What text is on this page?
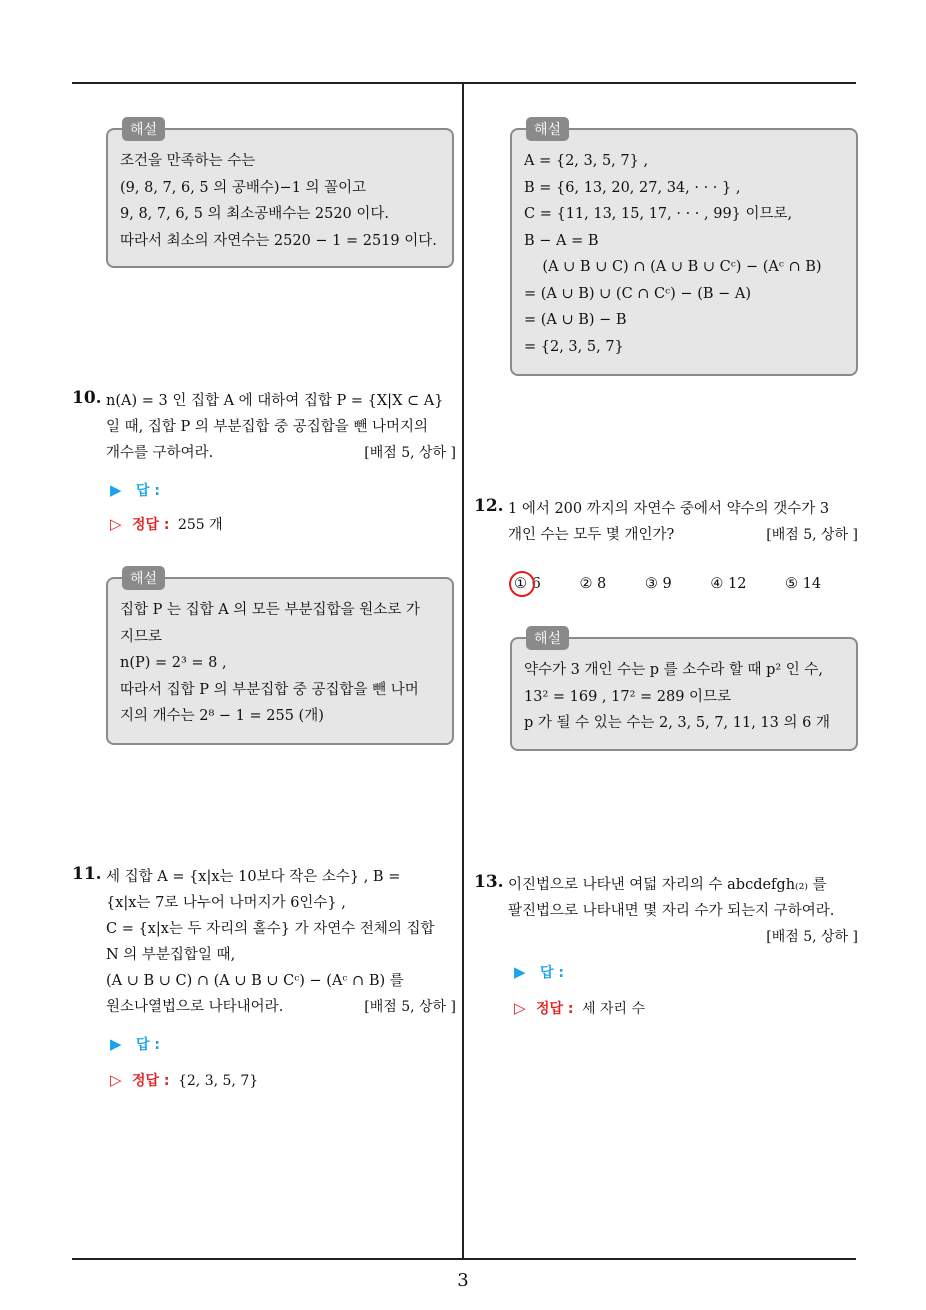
해설
조건을 만족하는 수는
(9, 8, 7, 6, 5 의 공배수)−1 의 꼴이고
9, 8, 7, 6, 5 의 최소공배수는 2520 이다.
따라서 최소의 자연수는 2520 − 1 = 2519 이다.
10. n(A) = 3 인 집합 A 에 대하여 집합 P = {X|X ⊂ A}
일 때, 집합 P 의 부분집합 중 공집합을 뺀 나머지의
개수를 구하여라.	[배점 5, 상하 ]
▶ 답 :
▷ 정답 : 255 개
해설
집합 P 는 집합 A 의 모든 부분집합을 원소로 가
지므로
n(P) = 2³ = 8 ,
따라서 집합 P 의 부분집합 중 공집합을 뺀 나머
지의 개수는 2⁸ − 1 = 255 (개)
11. 세 집합 A = {x|x는 10보다 작은 소수} , B =
{x|x는 7로 나누어 나머지가 6인수} ,
C = {x|x는 두 자리의 홀수} 가 자연수 전체의 집합
N 의 부분집합일 때,
(A ∪ B ∪ C) ∩ (A ∪ B ∪ Cᶜ) − (Aᶜ ∩ B) 를
원소나열법으로 나타내어라.	[배점 5, 상하 ]
▶ 답 :
▷ 정답 : {2, 3, 5, 7}
해설
A = {2, 3, 5, 7} ,
B = {6, 13, 20, 27, 34, · · · } ,
C = {11, 13, 15, 17, · · · , 99} 이므로,
B − A = B
(A ∪ B ∪ C) ∩ (A ∪ B ∪ Cᶜ) − (Aᶜ ∩ B)
= (A ∪ B) ∪ (C ∩ Cᶜ) − (B − A)
= (A ∪ B) − B
= {2, 3, 5, 7}
12. 1 에서 200 까지의 자연수 중에서 약수의 갯수가 3
개인 수는 모두 몇 개인가?	[배점 5, 상하 ]
① 6	② 8	③ 9	④ 12	⑤ 14
해설
약수가 3 개인 수는 p 를 소수라 할 때 p² 인 수,
13² = 169 , 17² = 289 이므로
p 가 될 수 있는 수는 2, 3, 5, 7, 11, 13 의 6 개
13. 이진법으로 나타낸 여덟 자리의 수 abcdefgh₍₂₎ 를
팔진법으로 나타내면 몇 자리 수가 되는지 구하여라.
[배점 5, 상하 ]
▶ 답 :
▷ 정답 : 세 자리 수
3
